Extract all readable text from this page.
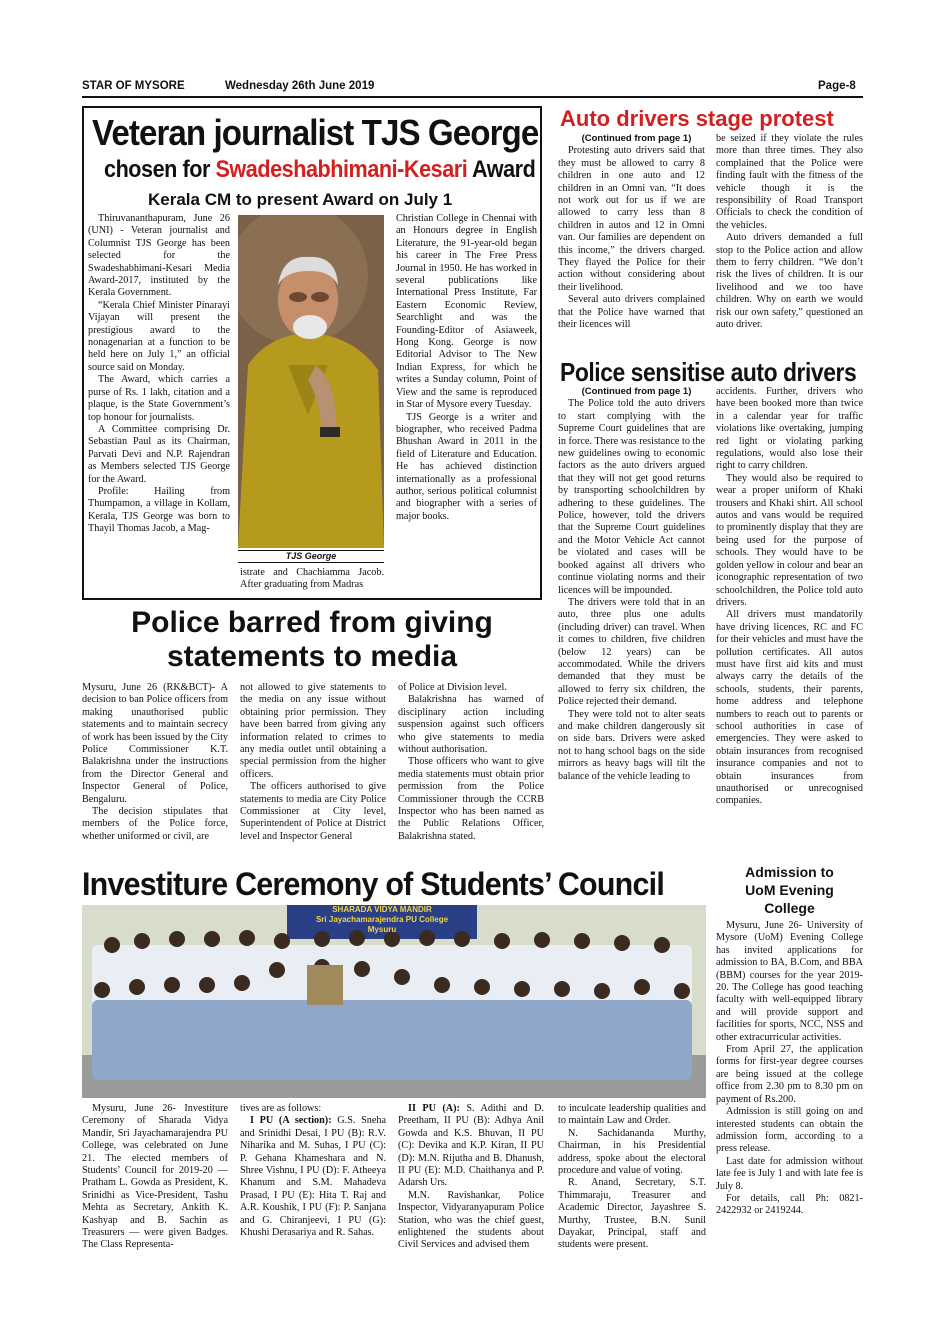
STAR OF MYSORE	Wednesday 26th June 2019	Page-8
Veteran journalist TJS George
chosen for Swadeshabhimani-Kesari Award
Kerala CM to present Award on July 1

Thiruvananthapuram, June 26 (UNI) - Veteran journalist and Columnist TJS George has been selected for the Swadeshabhimani-Kesari Media Award-2017, instituted by the Kerala Government.

“Kerala Chief Minister Pinarayi Vijayan will present the prestigious award to the nonagenarian at a function to be held here on July 1,” an official source said on Monday.

The Award, which carries a purse of Rs. 1 lakh, citation and a plaque, is the State Government’s top honour for journalists.

A Committee comprising Dr. Sebastian Paul as its Chairman, Parvati Devi and N.P. Rajendran as Members selected TJS George for the Award.

Profile: Hailing from Thumpamon, a village in Kollam, Kerala, TJS George was born to Thayil Thomas Jacob, a Mag-

TJS George
istrate and Chachiamma Jacob. After graduating from Madras

Christian College in Chennai with an Honours degree in English Literature, the 91-year-old began his career in The Free Press Journal in 1950. He has worked in several publications like International Press Institute, Far Eastern Economic Review, Searchlight and was the Founding-Editor of Asiaweek, Hong Kong. George is now Editorial Advisor to The New Indian Express, for which he writes a Sunday column, Point of View and the same is reproduced in Star of Mysore every Tuesday.

TJS George is a writer and biographer, who received Padma Bhushan Award in 2011 in the field of Literature and Education. He has achieved distinction internationally as a professional author, serious political columnist and biographer with a series of major books.

Auto drivers stage protest

(Continued from page 1)

Protesting auto drivers said that they must be allowed to carry 8 children in one auto and 12 children in an Omni van. “It does not work out for us if we are allowed to carry less than 8 children in autos and 12 in Omni van. Our families are dependent on this income,” the drivers charged. They flayed the Police for their action without considering about their livelihood.

Several auto drivers complained that the Police have warned that their licences will

be seized if they violate the rules more than three times. They also complained that the Police were finding fault with the fitness of the vehicle though it is the responsibility of Road Transport Officials to check the condition of the vehicles.

Auto drivers demanded a full stop to the Police action and allow them to ferry children. “We don’t risk the lives of children. It is our livelihood and we too have children. Why on earth we would risk our own safety,” questioned an auto driver.

Police sensitise auto drivers

(Continued from page 1)

The Police told the auto drivers to start complying with the Supreme Court guidelines that are in force. There was resistance to the new guidelines owing to economic factors as the auto drivers argued that they will not get good returns by transporting schoolchildren by adhering to these guidelines. The Police, however, told the drivers that the Supreme Court guidelines and the Motor Vehicle Act cannot be violated and cases will be booked against all drivers who continue violating norms and their licences will be impounded.

The drivers were told that in an auto, three plus one adults (including driver) can travel. When it comes to children, five children (below 12 years) can be accommodated. While the drivers demanded that they must be allowed to ferry six children, the Police rejected their demand.

They were told not to alter seats and make children dangerously sit on side bars. Drivers were asked not to hang school bags on the side mirrors as heavy bags will tilt the balance of the vehicle leading to

accidents. Further, drivers who have been booked more than twice in a calendar year for traffic violations like overtaking, jumping red light or violating parking regulations, would also lose their right to carry children.

They would also be required to wear a proper uniform of Khaki trousers and Khaki shirt. All school autos and vans would be required to prominently display that they are being used for the purpose of schools. They would have to be golden yellow in colour and bear an iconographic representation of two schoolchildren, the Police told auto drivers.

All drivers must mandatorily have driving licences, RC and FC for their vehicles and must have the pollution certificates. All autos must have first aid kits and must always carry the details of the schools, students, their parents, home address and telephone numbers to reach out to parents or school authorities in case of emergencies. They were asked to obtain insurances from recognised insurance companies and not to obtain insurances from unauthorised or unrecognised companies.

Police barred from giving
statements to media

Mysuru, June 26 (RK&BCT)- A decision to ban Police officers from making unauthorised public statements and to maintain secrecy of work has been issued by the City Police Commissioner K.T. Balakrishna under the instructions from the Director General and Inspector General of Police, Bengaluru.

The decision stipulates that members of the Police force, whether uniformed or civil, are

not allowed to give statements to the media on any issue without obtaining prior permission. They have been barred from giving any information related to crimes to any media outlet until obtaining a special permission from the higher officers.

The officers authorised to give statements to media are City Police Commissioner at City level, Superintendent of Police at District level and Inspector General

of Police at Division level.

Balakrishna has warned of disciplinary action including suspension against such officers who give statements to media without authorisation.

Those officers who want to give media statements must obtain prior permission from the Police Commissioner through the CCRB Inspector who has been named as the Public Relations Officer, Balakrishna stated.

Investiture Ceremony of Students’ Council
SHARADA VIDYA MANDIR
Sri Jayachamarajendra PU College
Mysuru

Mysuru, June 26- Investiture Ceremony of Sharada Vidya Mandir, Sri Jayachamarajendra PU College, was celebrated on June 21. The elected members of Students’ Council for 2019-20 — Pratham L. Gowda as President, K. Srinidhi as Vice-President, Tashu Mehta as Secretary, Ankith K. Kashyap and B. Sachin as Treasurers — were given Badges. The Class Representa-

tives are as follows:

I PU (A section): G.S. Sneha and Srinidhi Desai, I PU (B): R.V. Niharika and M. Suhas, I PU (C): P. Gehana Khameshara and N. Shree Vishnu, I PU (D): F. Atheeya Khanum and S.M. Mahadeva Prasad, I PU (E): Hita T. Raj and A.R. Koushik, I PU (F): P. Sanjana and G. Chiranjeevi, I PU (G): Khushi Derasariya and R. Sahas.

II PU (A): S. Adithi and D. Preetham, II PU (B): Adhya Anil Gowda and K.S. Bhuvan, II PU (C): Devika and K.P. Kiran, II PU (D): M.N. Rijutha and B. Dhanush, II PU (E): M.D. Chaithanya and P. Adarsh Urs.

M.N. Ravishankar, Police Inspector, Vidyaranyapuram Police Station, who was the chief guest, enlightened the students about Civil Services and advised them

to inculcate leadership qualities and to maintain Law and Order.

N. Sachidananda Murthy, Chairman, in his Presidential address, spoke about the electoral procedure and value of voting.

R. Anand, Secretary, S.T. Thimmaraju, Treasurer and Academic Director, Jayashree S. Murthy, Trustee, B.N. Sunil Dayakar, Principal, staff and students were present.

Admission to
UoM Evening
College

Mysuru, June 26- University of Mysore (UoM) Evening College has invited applications for admission to BA, B.Com, and BBA (BBM) courses for the year 2019-20. The College has good teaching faculty with well-equipped library and will provide support and facilities for sports, NCC, NSS and other extracurricular activities.

From April 27, the application forms for first-year degree courses are being issued at the college office from 2.30 pm to 8.30 pm on payment of Rs.200.

Admission is still going on and interested students can obtain the admission form, according to a press release.

Last date for admission without late fee is July 1 and with late fee is July 8.

For details, call Ph: 0821-2422932 or 2419244.
